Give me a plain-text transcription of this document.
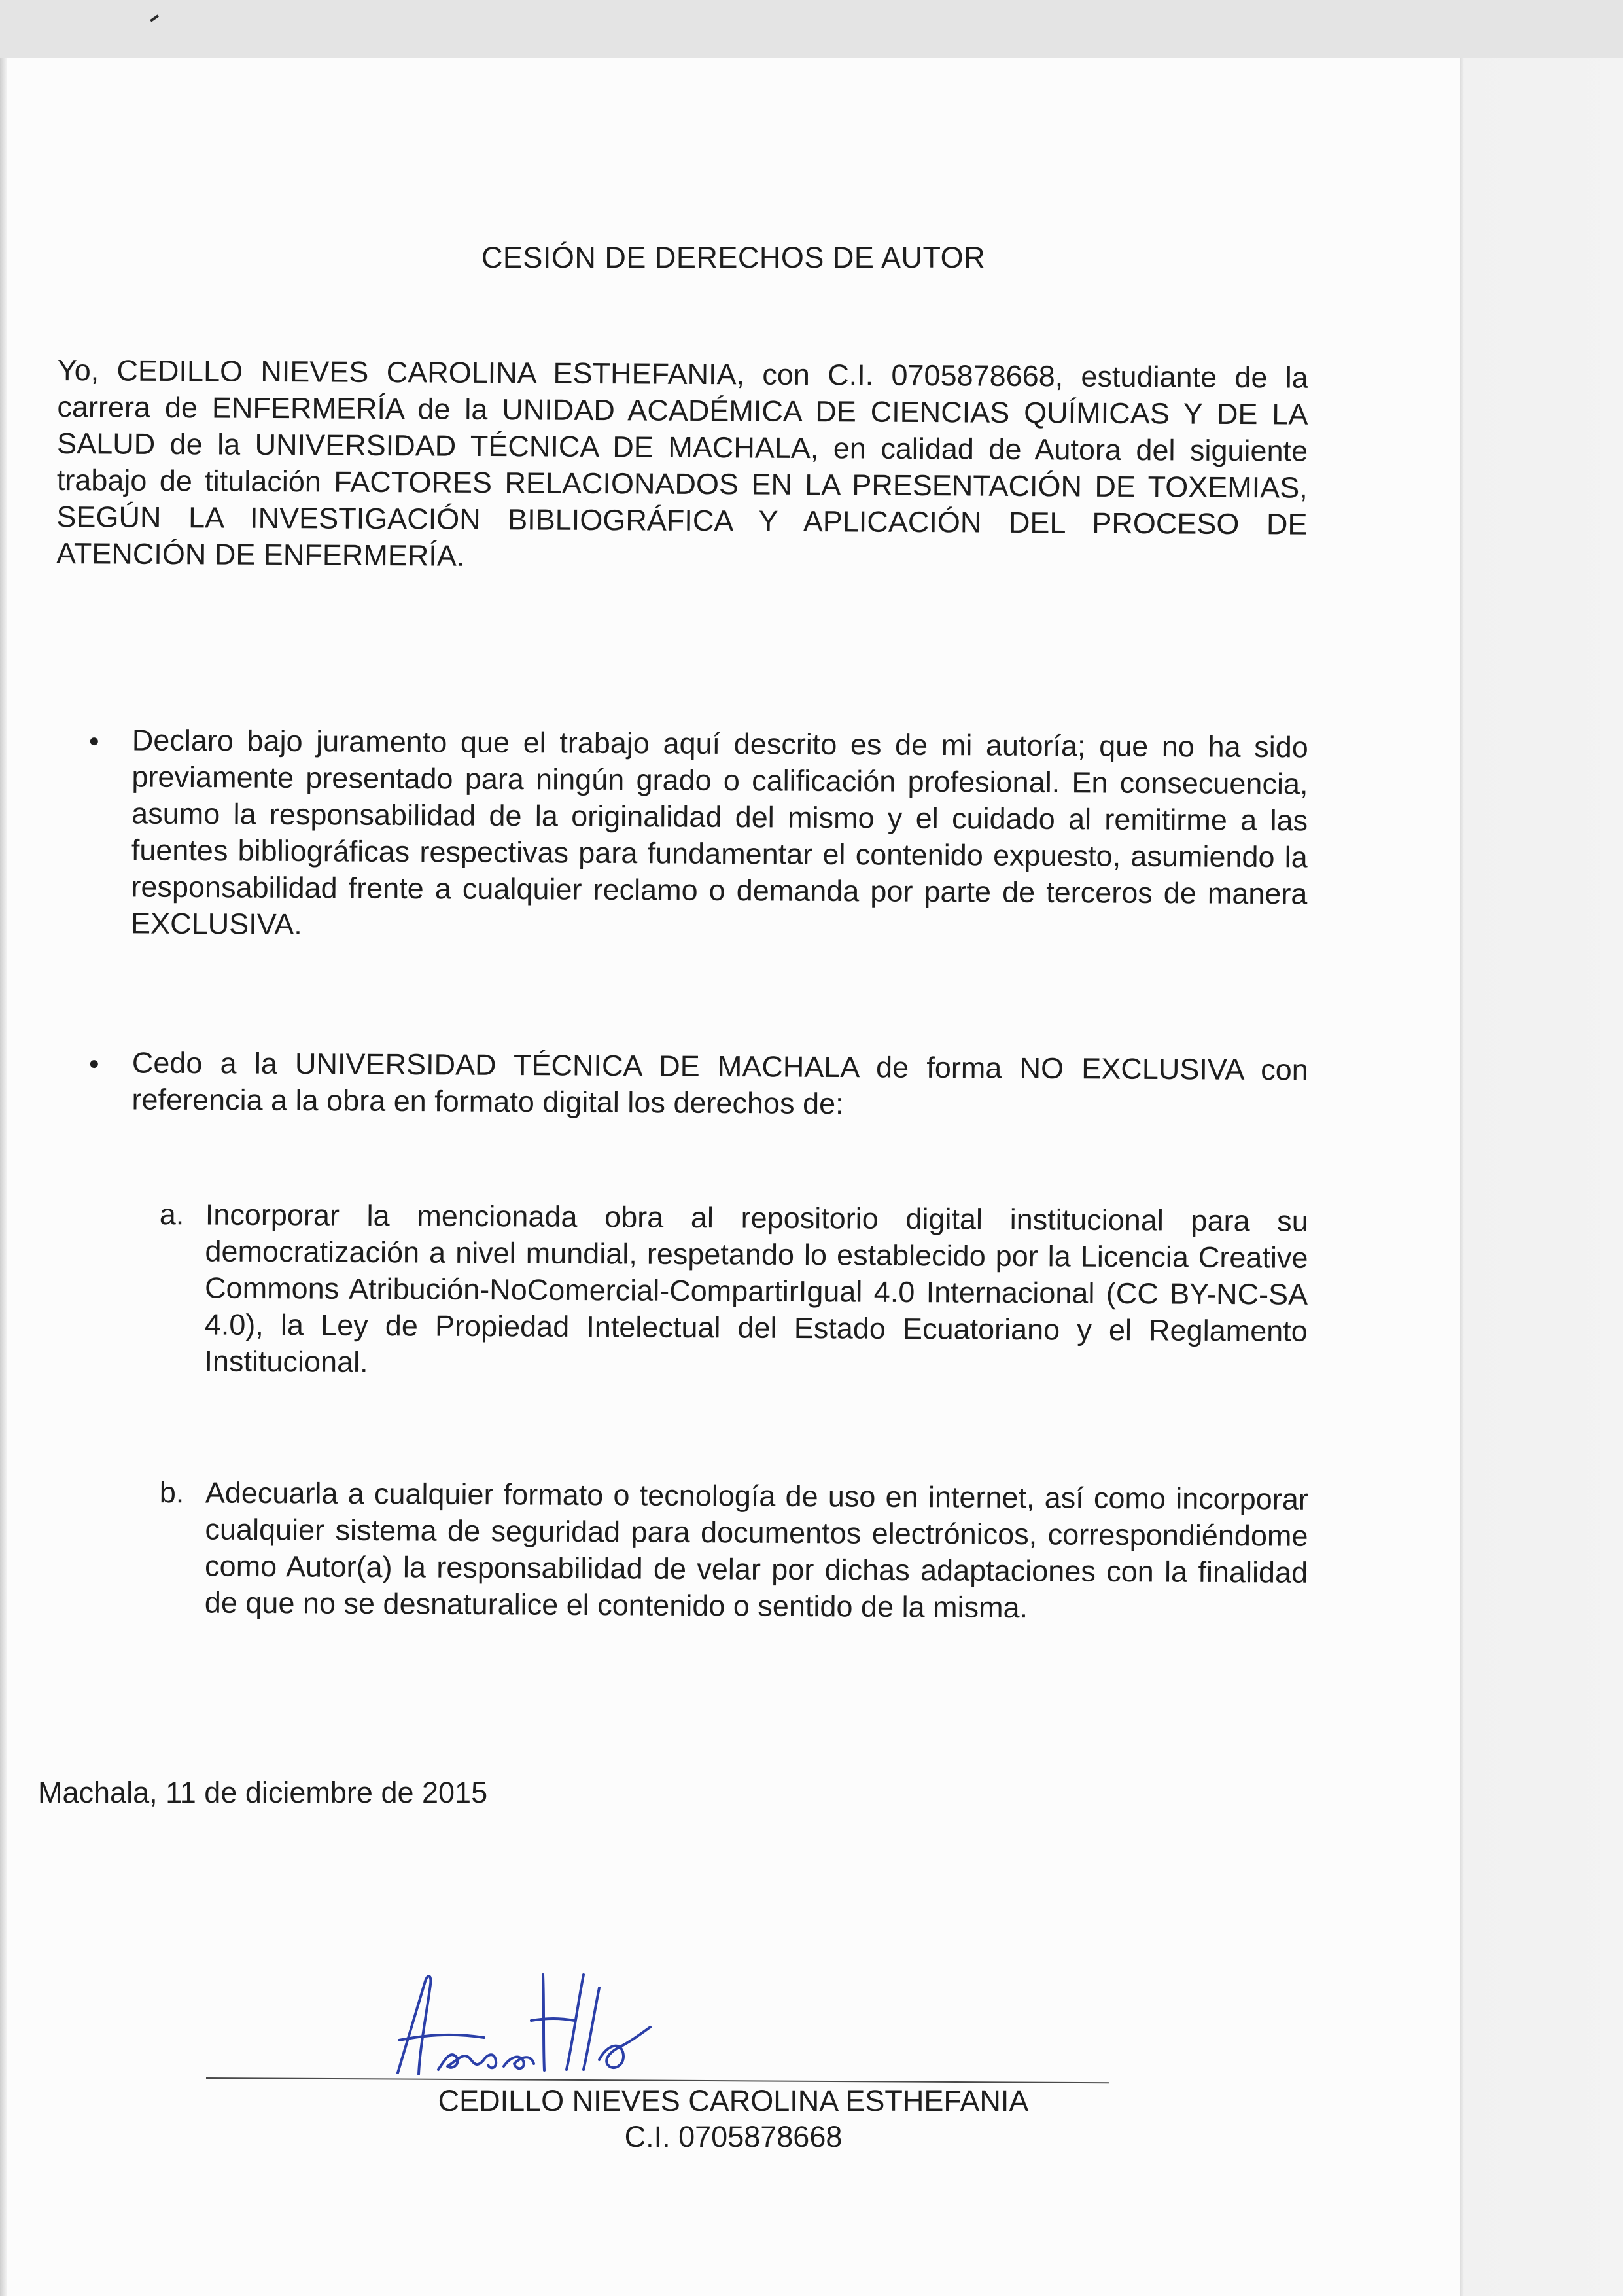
CESIÓN DE DERECHOS DE AUTOR
Yo, CEDILLO NIEVES CAROLINA ESTHEFANIA, con C.I. 0705878668, estudiante de la carrera de ENFERMERÍA de la UNIDAD ACADÉMICA DE CIENCIAS QUÍMICAS Y DE LA SALUD de la UNIVERSIDAD TÉCNICA DE MACHALA, en calidad de Autora del siguiente trabajo de titulación FACTORES RELACIONADOS EN LA PRESENTACIÓN DE TOXEMIAS, SEGÚN LA INVESTIGACIÓN BIBLIOGRÁFICA Y APLICACIÓN DEL PROCESO DE ATENCIÓN DE ENFERMERÍA.
Declaro bajo juramento que el trabajo aquí descrito es de mi autoría; que no ha sido previamente presentado para ningún grado o calificación profesional. En consecuencia, asumo la responsabilidad de la originalidad del mismo y el cuidado al remitirme a las fuentes bibliográficas respectivas para fundamentar el contenido expuesto, asumiendo la responsabilidad frente a cualquier reclamo o demanda por parte de terceros de manera EXCLUSIVA.
Cedo a la UNIVERSIDAD TÉCNICA DE MACHALA de forma NO EXCLUSIVA con referencia a la obra en formato digital los derechos de:
a. Incorporar la mencionada obra al repositorio digital institucional para su democratización a nivel mundial, respetando lo establecido por la Licencia Creative Commons Atribución-NoComercial-CompartirIgual 4.0 Internacional (CC BY-NC-SA 4.0), la Ley de Propiedad Intelectual del Estado Ecuatoriano y el Reglamento Institucional.
b. Adecuarla a cualquier formato o tecnología de uso en internet, así como incorporar cualquier sistema de seguridad para documentos electrónicos, correspondiéndome como Autor(a) la responsabilidad de velar por dichas adaptaciones con la finalidad de que no se desnaturalice el contenido o sentido de la misma.
Machala, 11 de diciembre de 2015
CEDILLO NIEVES CAROLINA ESTHEFANIA
C.I. 0705878668
